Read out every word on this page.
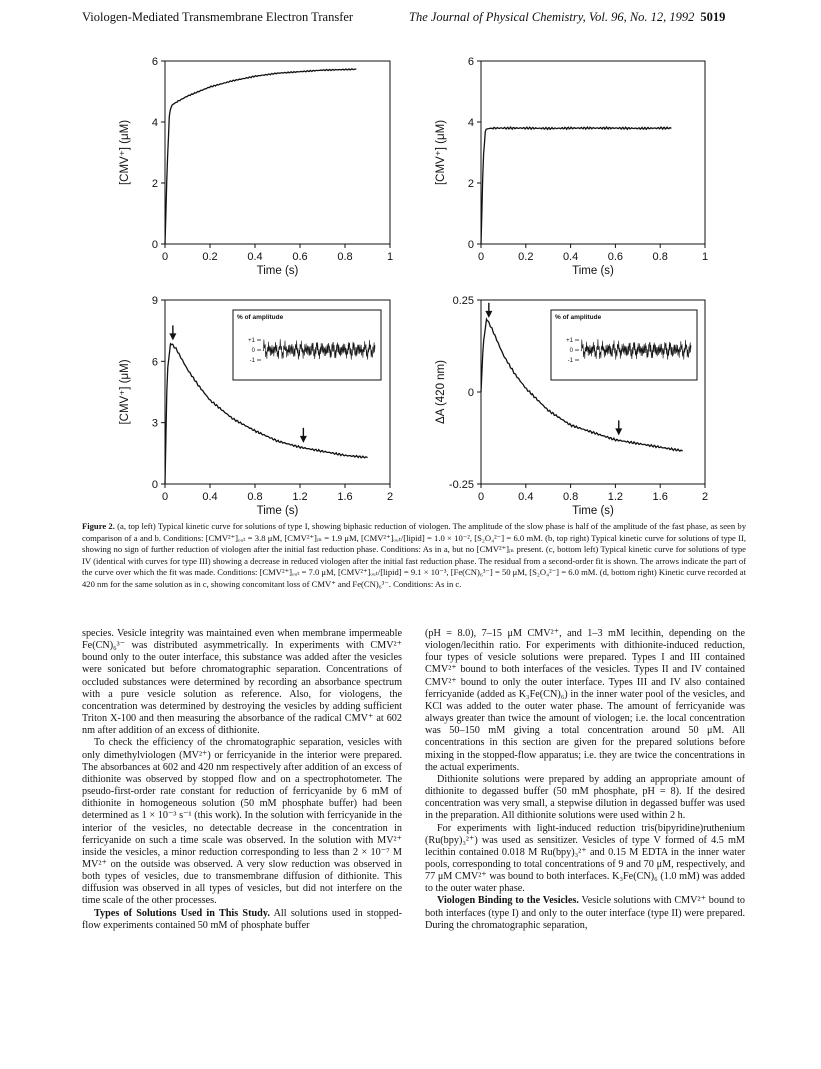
Viologen-Mediated Transmembrane Electron Transfer	The Journal of Physical Chemistry, Vol. 96, No. 12, 1992 5019
0	0.2	0.4	0.6	0.8	1
0
2
4
6
Time (s)
[CMV⁺] (μM)
0	0.2	0.4	0.6	0.8	1
0
2
4
6
Time (s)
[CMV⁺] (μM)
0	0.4	0.8	1.2	1.6	2
0
3
6
9
Time (s)
[CMV⁺] (μM)
% of amplitude
+1
0
-1
0	0.4	0.8	1.2	1.6	2
-0.25
0
0.25
Time (s)
ΔA (420 nm)
% of amplitude
+1
0
-1
Figure 2. (a, top left) Typical kinetic curve for solutions of type I, showing biphasic reduction of viologen. The amplitude of the slow phase is half of the amplitude of the fast phase, as seen by comparison of a and b. Conditions: [CMV²⁺]ₒᵤₜ = 3.8 μM, [CMV²⁺]ᵢₙ = 1.9 μM, [CMV²⁺]ₒᵤₜ/[lipid] = 1.0 × 10⁻², [S₂O₄²⁻] = 6.0 mM. (b, top right) Typical kinetic curve for solutions of type II, showing no sign of further reduction of viologen after the initial fast reduction phase. Conditions: As in a, but no [CMV²⁺]ᵢₙ present. (c, bottom left) Typical kinetic curve for solutions of type IV (identical with curves for type III) showing a decrease in reduced viologen after the initial fast reduction phase. The residual from a second-order fit is shown. The arrows indicate the part of the curve over which the fit was made. Conditions: [CMV²⁺]ₒᵤₜ = 7.0 μM, [CMV²⁺]ₒᵤₜ/[lipid] = 9.1 × 10⁻³, [Fe(CN)₆³⁻] = 50 μM, [S₂O₄²⁻] = 6.0 mM. (d, bottom right) Kinetic curve recorded at 420 nm for the same solution as in c, showing concomitant loss of CMV⁺ and Fe(CN)₆³⁻. Conditions: As in c.

species. Vesicle integrity was maintained even when membrane impermeable Fe(CN)₆³⁻ was distributed asymmetrically. In experiments with CMV²⁺ bound only to the outer interface, this substance was added after the vesicles were sonicated but before chromatographic separation. Concentrations of occluded substances were determined by recording an absorbance spectrum with a pure vesicle solution as reference. Also, for viologens, the concentration was determined by destroying the vesicles by adding sufficient Triton X-100 and then measuring the absorbance of the radical CMV⁺ at 602 nm after addition of an excess of dithionite.

To check the efficiency of the chromatographic separation, vesicles with only dimethylviologen (MV²⁺) or ferricyanide in the interior were prepared. The absorbances at 602 and 420 nm respectively after addition of an excess of dithionite was observed by stopped flow and on a spectrophotometer. The pseudo-first-order rate constant for reduction of ferricyanide by 6 mM of dithionite in homogeneous solution (50 mM phosphate buffer) had been determined as 1 × 10⁻³ s⁻¹ (this work). In the solution with ferricyanide in the interior of the vesicles, no detectable decrease in the concentration in ferricyanide on such a time scale was observed. In the solution with MV²⁺ inside the vesicles, a minor reduction corresponding to less than 2 × 10⁻⁷ M MV²⁺ on the outside was observed. A very slow reduction was observed in both types of vesicles, due to transmembrane diffusion of dithionite. This diffusion was observed in all types of vesicles, but did not interfere on the time scale of the other processes.

Types of Solutions Used in This Study. All solutions used in stopped-flow experiments contained 50 mM of phosphate buffer

(pH = 8.0), 7–15 μM CMV²⁺, and 1–3 mM lecithin, depending on the viologen/lecithin ratio. For experiments with dithionite-induced reduction, four types of vesicle solutions were prepared. Types I and III contained CMV²⁺ bound to both interfaces of the vesicles. Types II and IV contained CMV²⁺ bound to only the outer interface. Types III and IV also contained ferricyanide (added as K₃Fe(CN)₆) in the inner water pool of the vesicles, and KCl was added to the outer water phase. The amount of ferricyanide was always greater than twice the amount of viologen; i.e. the local concentration was 50–150 mM giving a total concentration around 50 μM. All concentrations in this section are given for the prepared solutions before mixing in the stopped-flow apparatus; i.e. they are twice the concentrations in the actual experiments.

Dithionite solutions were prepared by adding an appropriate amount of dithionite to degassed buffer (50 mM phosphate, pH = 8). If the desired concentration was very small, a stepwise dilution in degassed buffer was used in the preparation. All dithionite solutions were used within 2 h.

For experiments with light-induced reduction tris(bipyridine)ruthenium (Ru(bpy)₃²⁺) was used as sensitizer. Vesicles of type V formed of 4.5 mM lecithin contained 0.018 M Ru(bpy)₃²⁺ and 0.15 M EDTA in the inner water pools, corresponding to total concentrations of 9 and 70 μM, respectively, and 77 μM CMV²⁺ was bound to both interfaces. K₃Fe(CN)₆ (1.0 mM) was added to the outer water phase.

Viologen Binding to the Vesicles. Vesicle solutions with CMV²⁺ bound to both interfaces (type I) and only to the outer interface (type II) were prepared. During the chromatographic separation,
